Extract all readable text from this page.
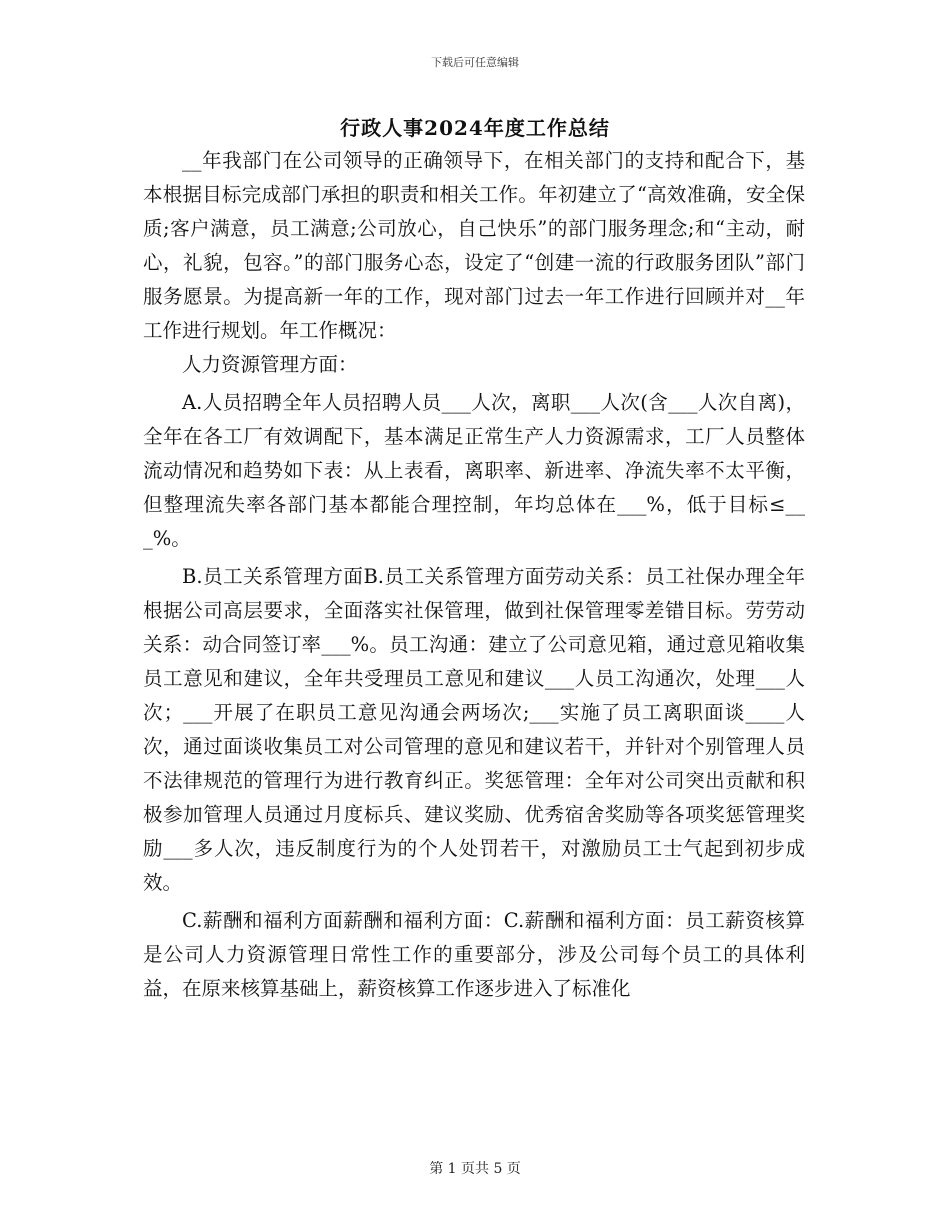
下载后可任意编辑
行政人事2024年度工作总结

__年我部门在公司领导的正确领导下，在相关部门的支持和配合下，基本根据目标完成部门承担的职责和相关工作。年初建立了“高效准确，安全保质;客户满意，员工满意;公司放心，自己快乐”的部门服务理念;和“主动，耐心，礼貌，包容。”的部门服务心态，设定了“创建一流的行政服务团队”部门服务愿景。为提高新一年的工作，现对部门过去一年工作进行回顾并对__年工作进行规划。年工作概况：

人力资源管理方面：

A.人员招聘全年人员招聘人员___人次，离职___人次(含___人次自离)，全年在各工厂有效调配下，基本满足正常生产人力资源需求，工厂人员整体流动情况和趋势如下表：从上表看，离职率、新进率、净流失率不太平衡，但整理流失率各部门基本都能合理控制，年均总体在___%，低于目标≤___%。

B.员工关系管理方面B.员工关系管理方面劳动关系：员工社保办理全年根据公司高层要求，全面落实社保管理，做到社保管理零差错目标。劳劳动关系：动合同签订率___%。员工沟通：建立了公司意见箱，通过意见箱收集员工意见和建议，全年共受理员工意见和建议___人员工沟通次，处理___人次；___开展了在职员工意见沟通会两场次;___实施了员工离职面谈____人次，通过面谈收集员工对公司管理的意见和建议若干，并针对个别管理人员不法律规范的管理行为进行教育纠正。奖惩管理：全年对公司突出贡献和积极参加管理人员通过月度标兵、建议奖励、优秀宿舍奖励等各项奖惩管理奖励___多人次，违反制度行为的个人处罚若干，对激励员工士气起到初步成效。

C.薪酬和福利方面薪酬和福利方面：C.薪酬和福利方面：员工薪资核算是公司人力资源管理日常性工作的重要部分，涉及公司每个员工的具体利益，在原来核算基础上，薪资核算工作逐步进入了标准化

第 1 页共 5 页
